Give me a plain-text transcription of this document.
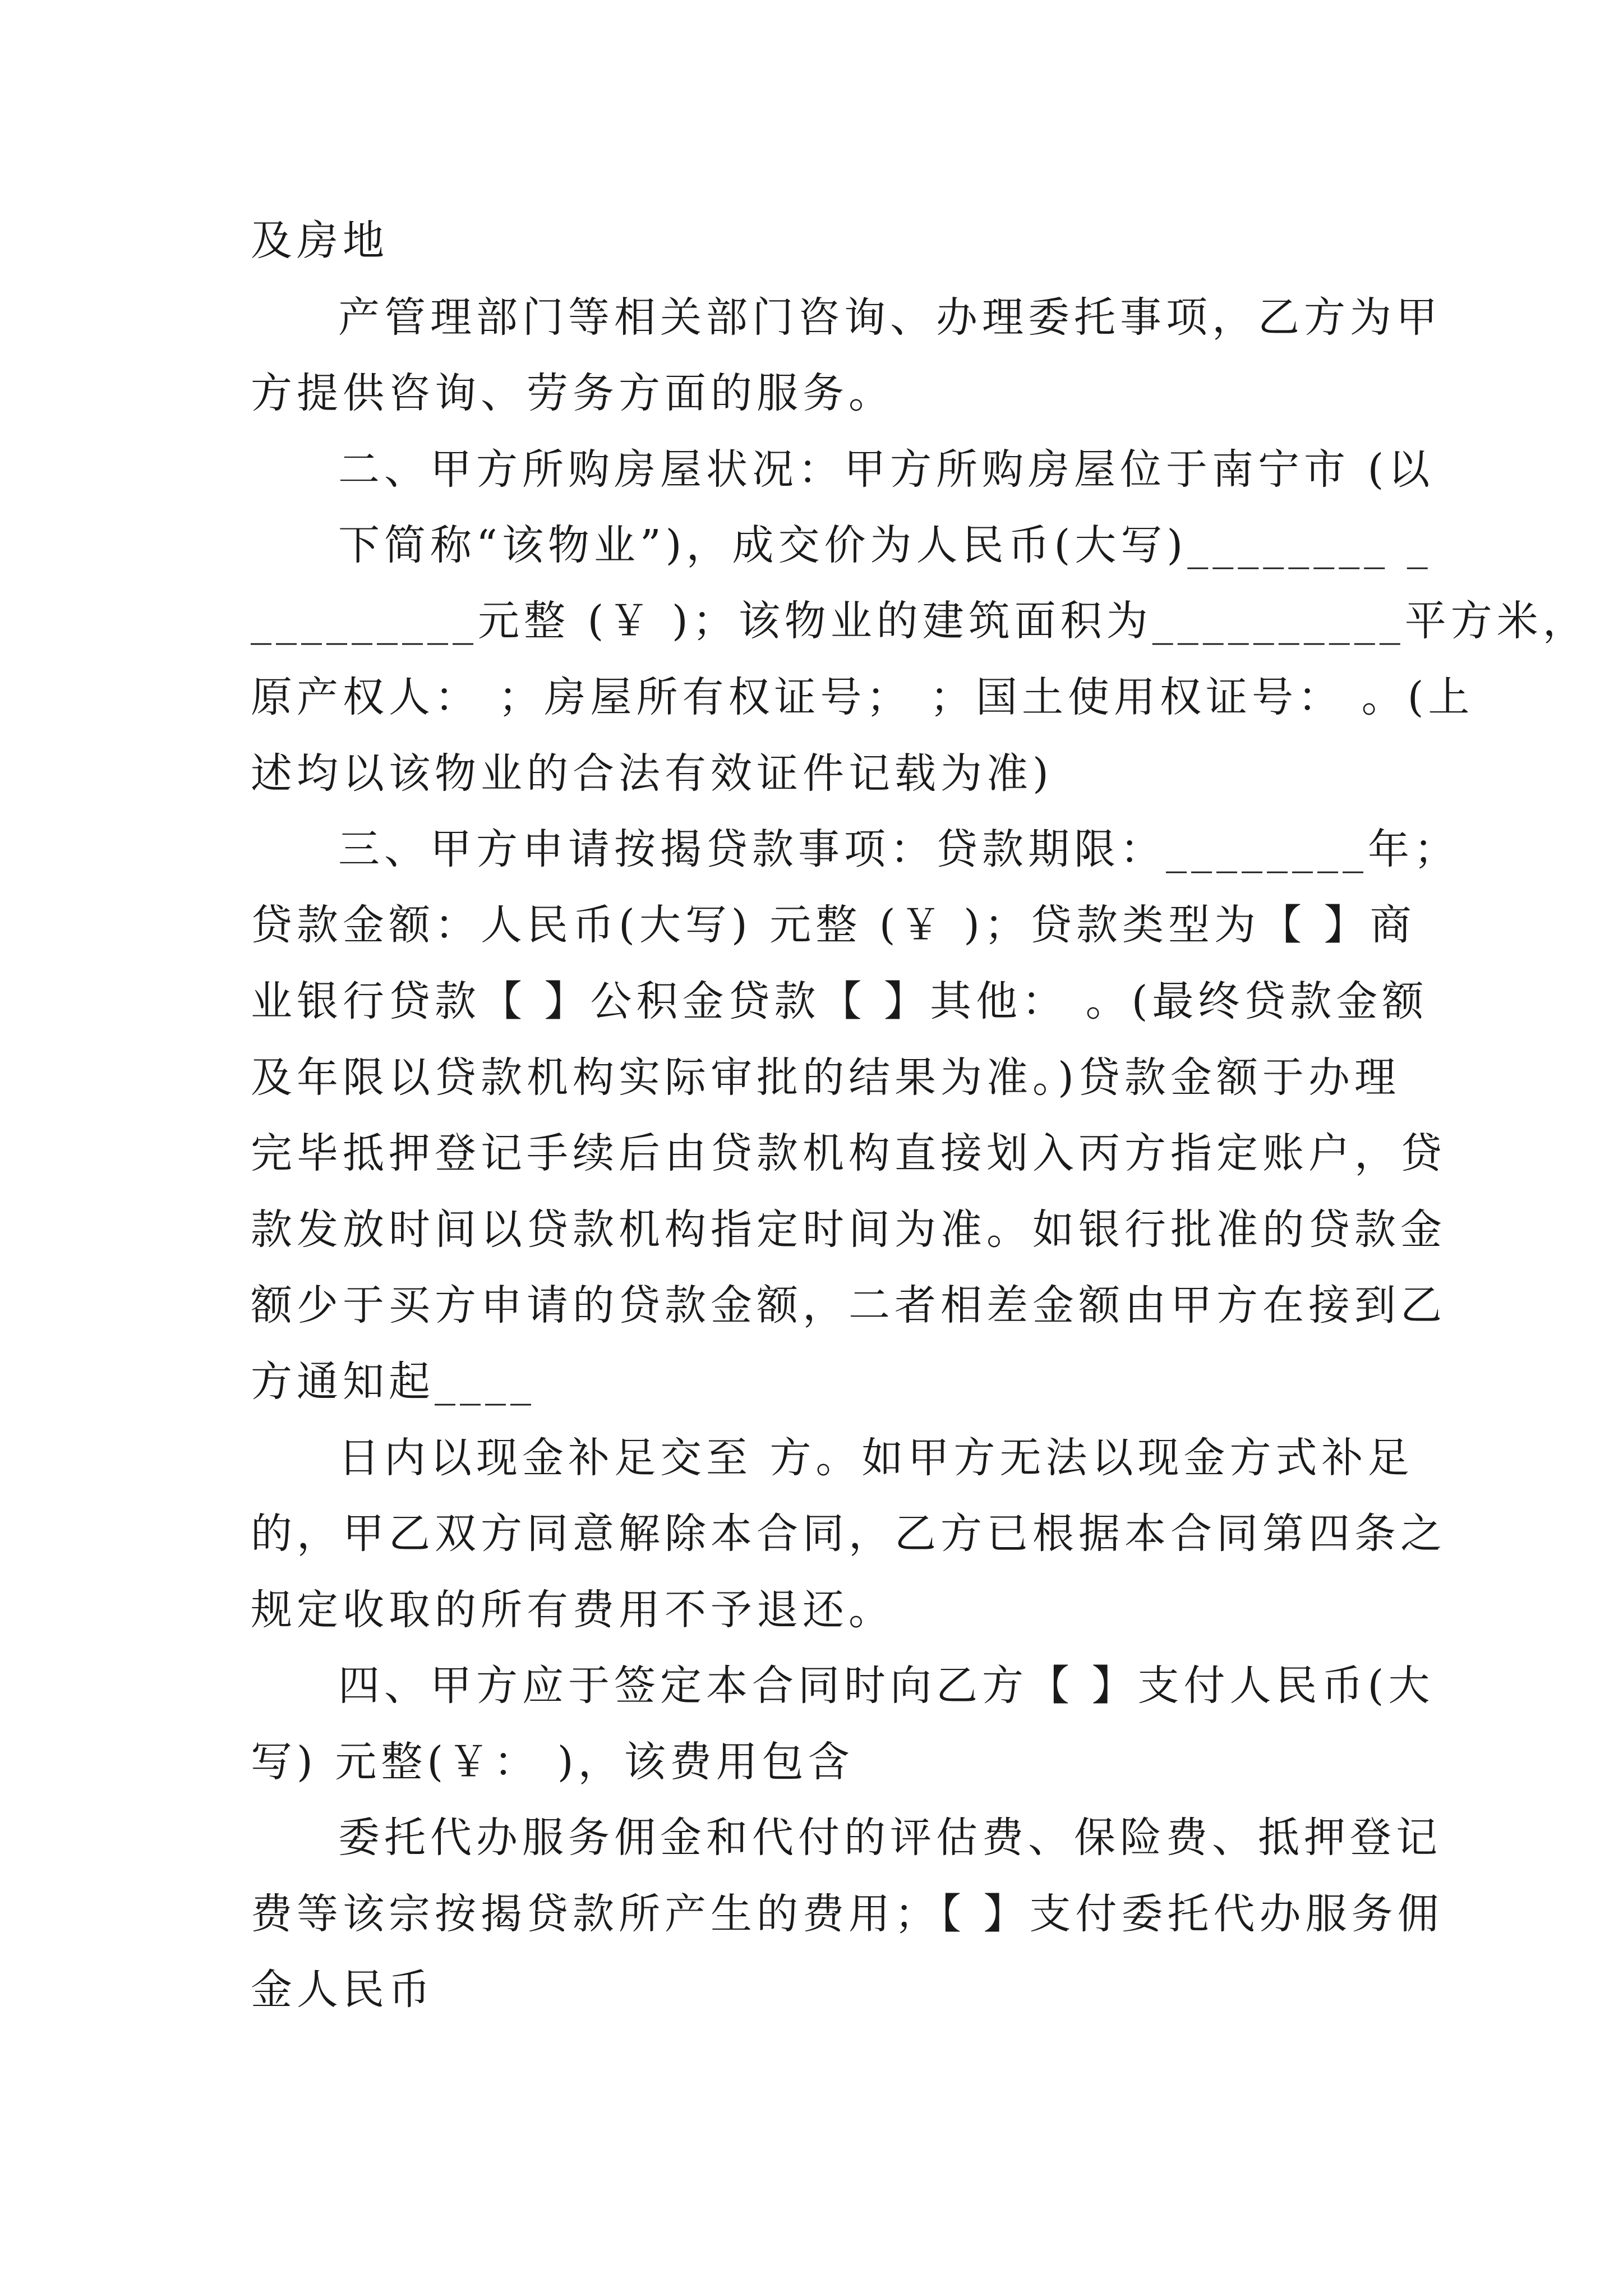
及房地
产管理部门等相关部门咨询、办理委托事项，乙方为甲
方提供咨询、劳务方面的服务。
二、甲方所购房屋状况：甲方所购房屋位于南宁市 (以
下简称“该物业”)，成交价为人民币(大写)________ _
_________元整 (￥ )；该物业的建筑面积为__________平方米，
原产权人： ；房屋所有权证号； ；国土使用权证号： 。(上
述均以该物业的合法有效证件记载为准)
三、甲方申请按揭贷款事项：贷款期限：________年；
贷款金额：人民币(大写) 元整 (￥ )；贷款类型为【 】商
业银行贷款【 】公积金贷款【 】其他： 。(最终贷款金额
及年限以贷款机构实际审批的结果为准。)贷款金额于办理
完毕抵押登记手续后由贷款机构直接划入丙方指定账户，贷
款发放时间以贷款机构指定时间为准。如银行批准的贷款金
额少于买方申请的贷款金额，二者相差金额由甲方在接到乙
方通知起____
日内以现金补足交至 方。如甲方无法以现金方式补足
的，甲乙双方同意解除本合同，乙方已根据本合同第四条之
规定收取的所有费用不予退还。
四、甲方应于签定本合同时向乙方【 】支付人民币(大
写) 元整(￥： )，该费用包含
委托代办服务佣金和代付的评估费、保险费、抵押登记
费等该宗按揭贷款所产生的费用；【 】支付委托代办服务佣
金人民币
